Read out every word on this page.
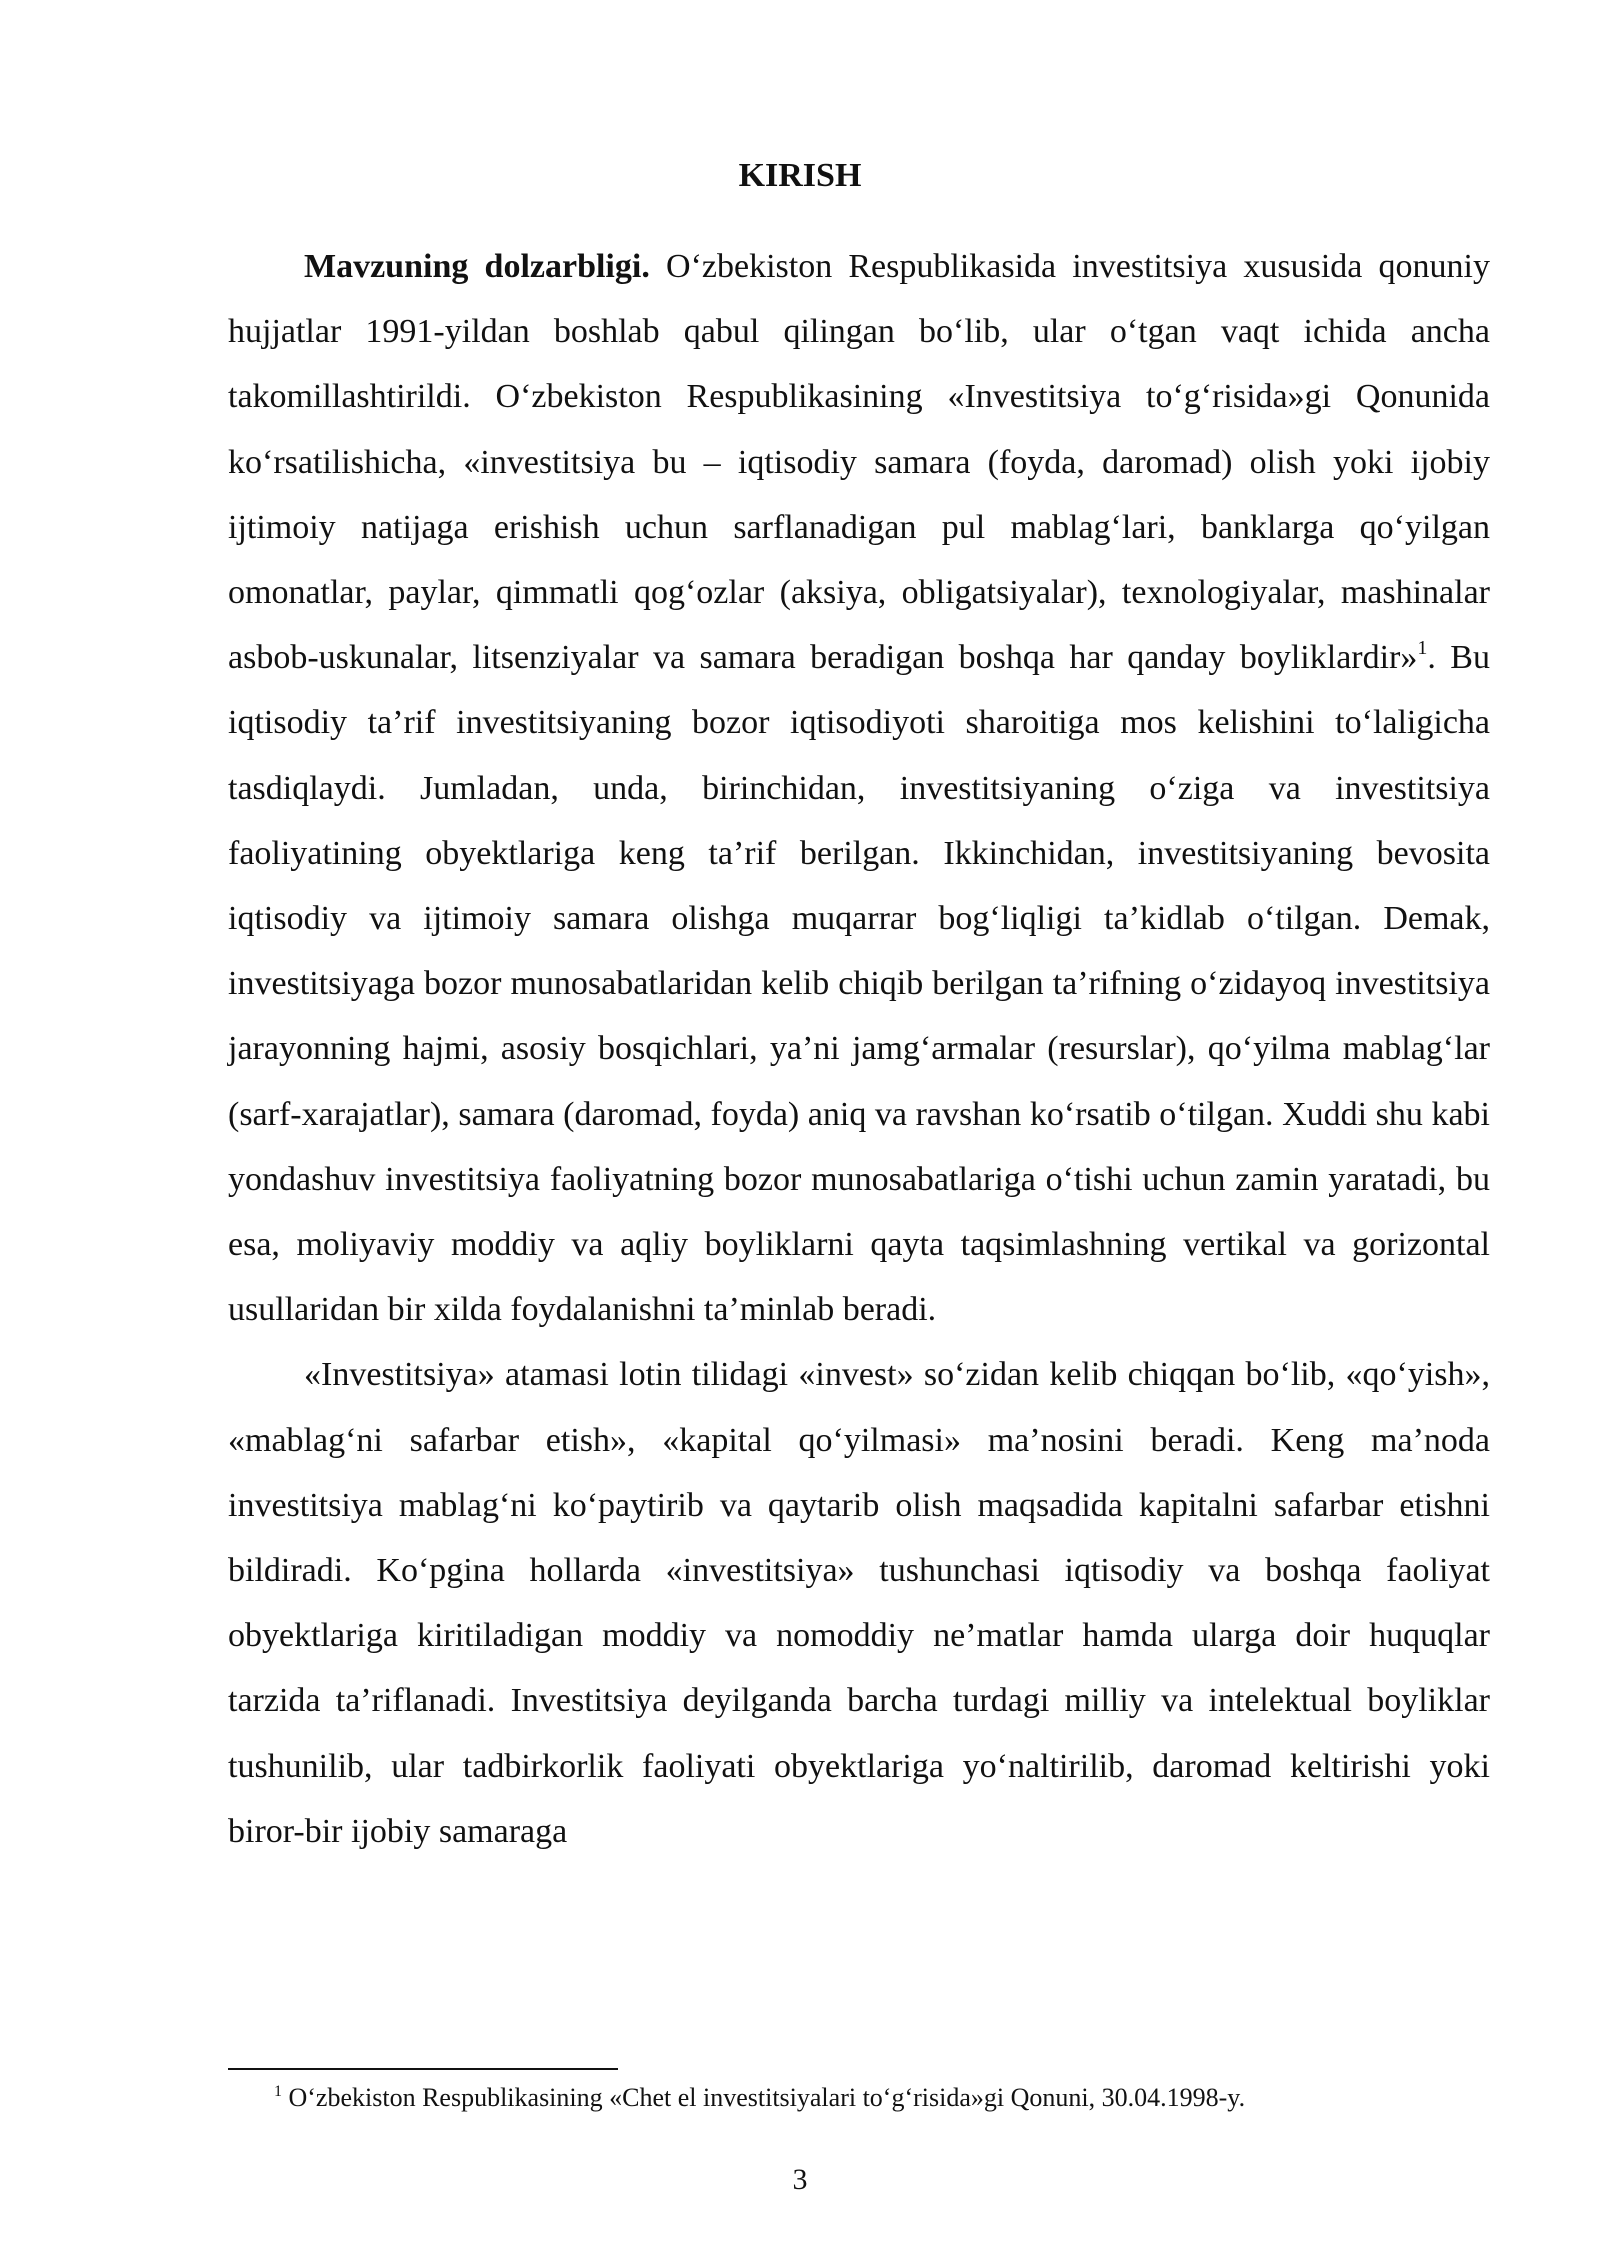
KIRISH

Mavzuning dolzarbligi. O‘zbekiston Respublikasida investitsiya xususida qonuniy hujjatlar 1991-yildan boshlab qabul qilingan bo‘lib, ular o‘tgan vaqt ichida ancha takomillashtirildi. O‘zbekiston Respublikasining «Investitsiya to‘g‘risida»gi Qonunida ko‘rsatilishicha, «investitsiya bu – iqtisodiy samara (foyda, daromad) olish yoki ijobiy ijtimoiy natijaga erishish uchun sarflanadigan pul mablag‘lari, banklarga qo‘yilgan omonatlar, paylar, qimmatli qog‘ozlar (aksiya, obligatsiyalar), texnologiyalar, mashinalar asbob-uskunalar, litsenziyalar va samara beradigan boshqa har qanday boyliklardir»$^1$. Bu iqtisodiy ta’rif investitsiyaning bozor iqtisodiyoti sharoitiga mos kelishini to‘laligicha tasdiqlaydi. Jumladan, unda, birinchidan, investitsiyaning o‘ziga va investitsiya faoliyatining obyektlariga keng ta’rif berilgan. Ikkinchidan, investitsiyaning bevosita iqtisodiy va ijtimoiy samara olishga muqarrar bog‘liqligi ta’kidlab o‘tilgan. Demak, investitsiyaga bozor munosabatlaridan kelib chiqib berilgan ta’rifning o‘zidayoq investitsiya jarayonning hajmi, asosiy bosqichlari, ya’ni jamg‘armalar (resurslar), qo‘yilma mablag‘lar (sarf-xarajatlar), samara (daromad, foyda) aniq va ravshan ko‘rsatib o‘tilgan. Xuddi shu kabi yondashuv investitsiya faoliyatning bozor munosabatlariga o‘tishi uchun zamin yaratadi, bu esa, moliyaviy moddiy va aqliy boyliklarni qayta taqsimlashning vertikal va gorizontal usullaridan bir xilda foydalanishni ta’minlab beradi.

«Investitsiya» atamasi lotin tilidagi «invest» so‘zidan kelib chiqqan bo‘lib, «qo‘yish», «mablag‘ni safarbar etish», «kapital qo‘yilmasi» ma’nosini beradi. Keng ma’noda investitsiya mablag‘ni ko‘paytirib va qaytarib olish maqsadida kapitalni safarbar etishni bildiradi. Ko‘pgina hollarda «investitsiya» tushunchasi iqtisodiy va boshqa faoliyat obyektlariga kiritiladigan moddiy va nomoddiy ne’matlar hamda ularga doir huquqlar tarzida ta’riflanadi. Investitsiya deyilganda barcha turdagi milliy va intelektual boyliklar tushunilib, ular tadbirkorlik faoliyati obyektlariga yo‘naltirilib, daromad keltirishi yoki biror-bir ijobiy samaraga

$^1$ O‘zbekiston Respublikasining «Chet el investitsiyalari to‘g‘risida»gi Qonuni, 30.04.1998-y.

3
